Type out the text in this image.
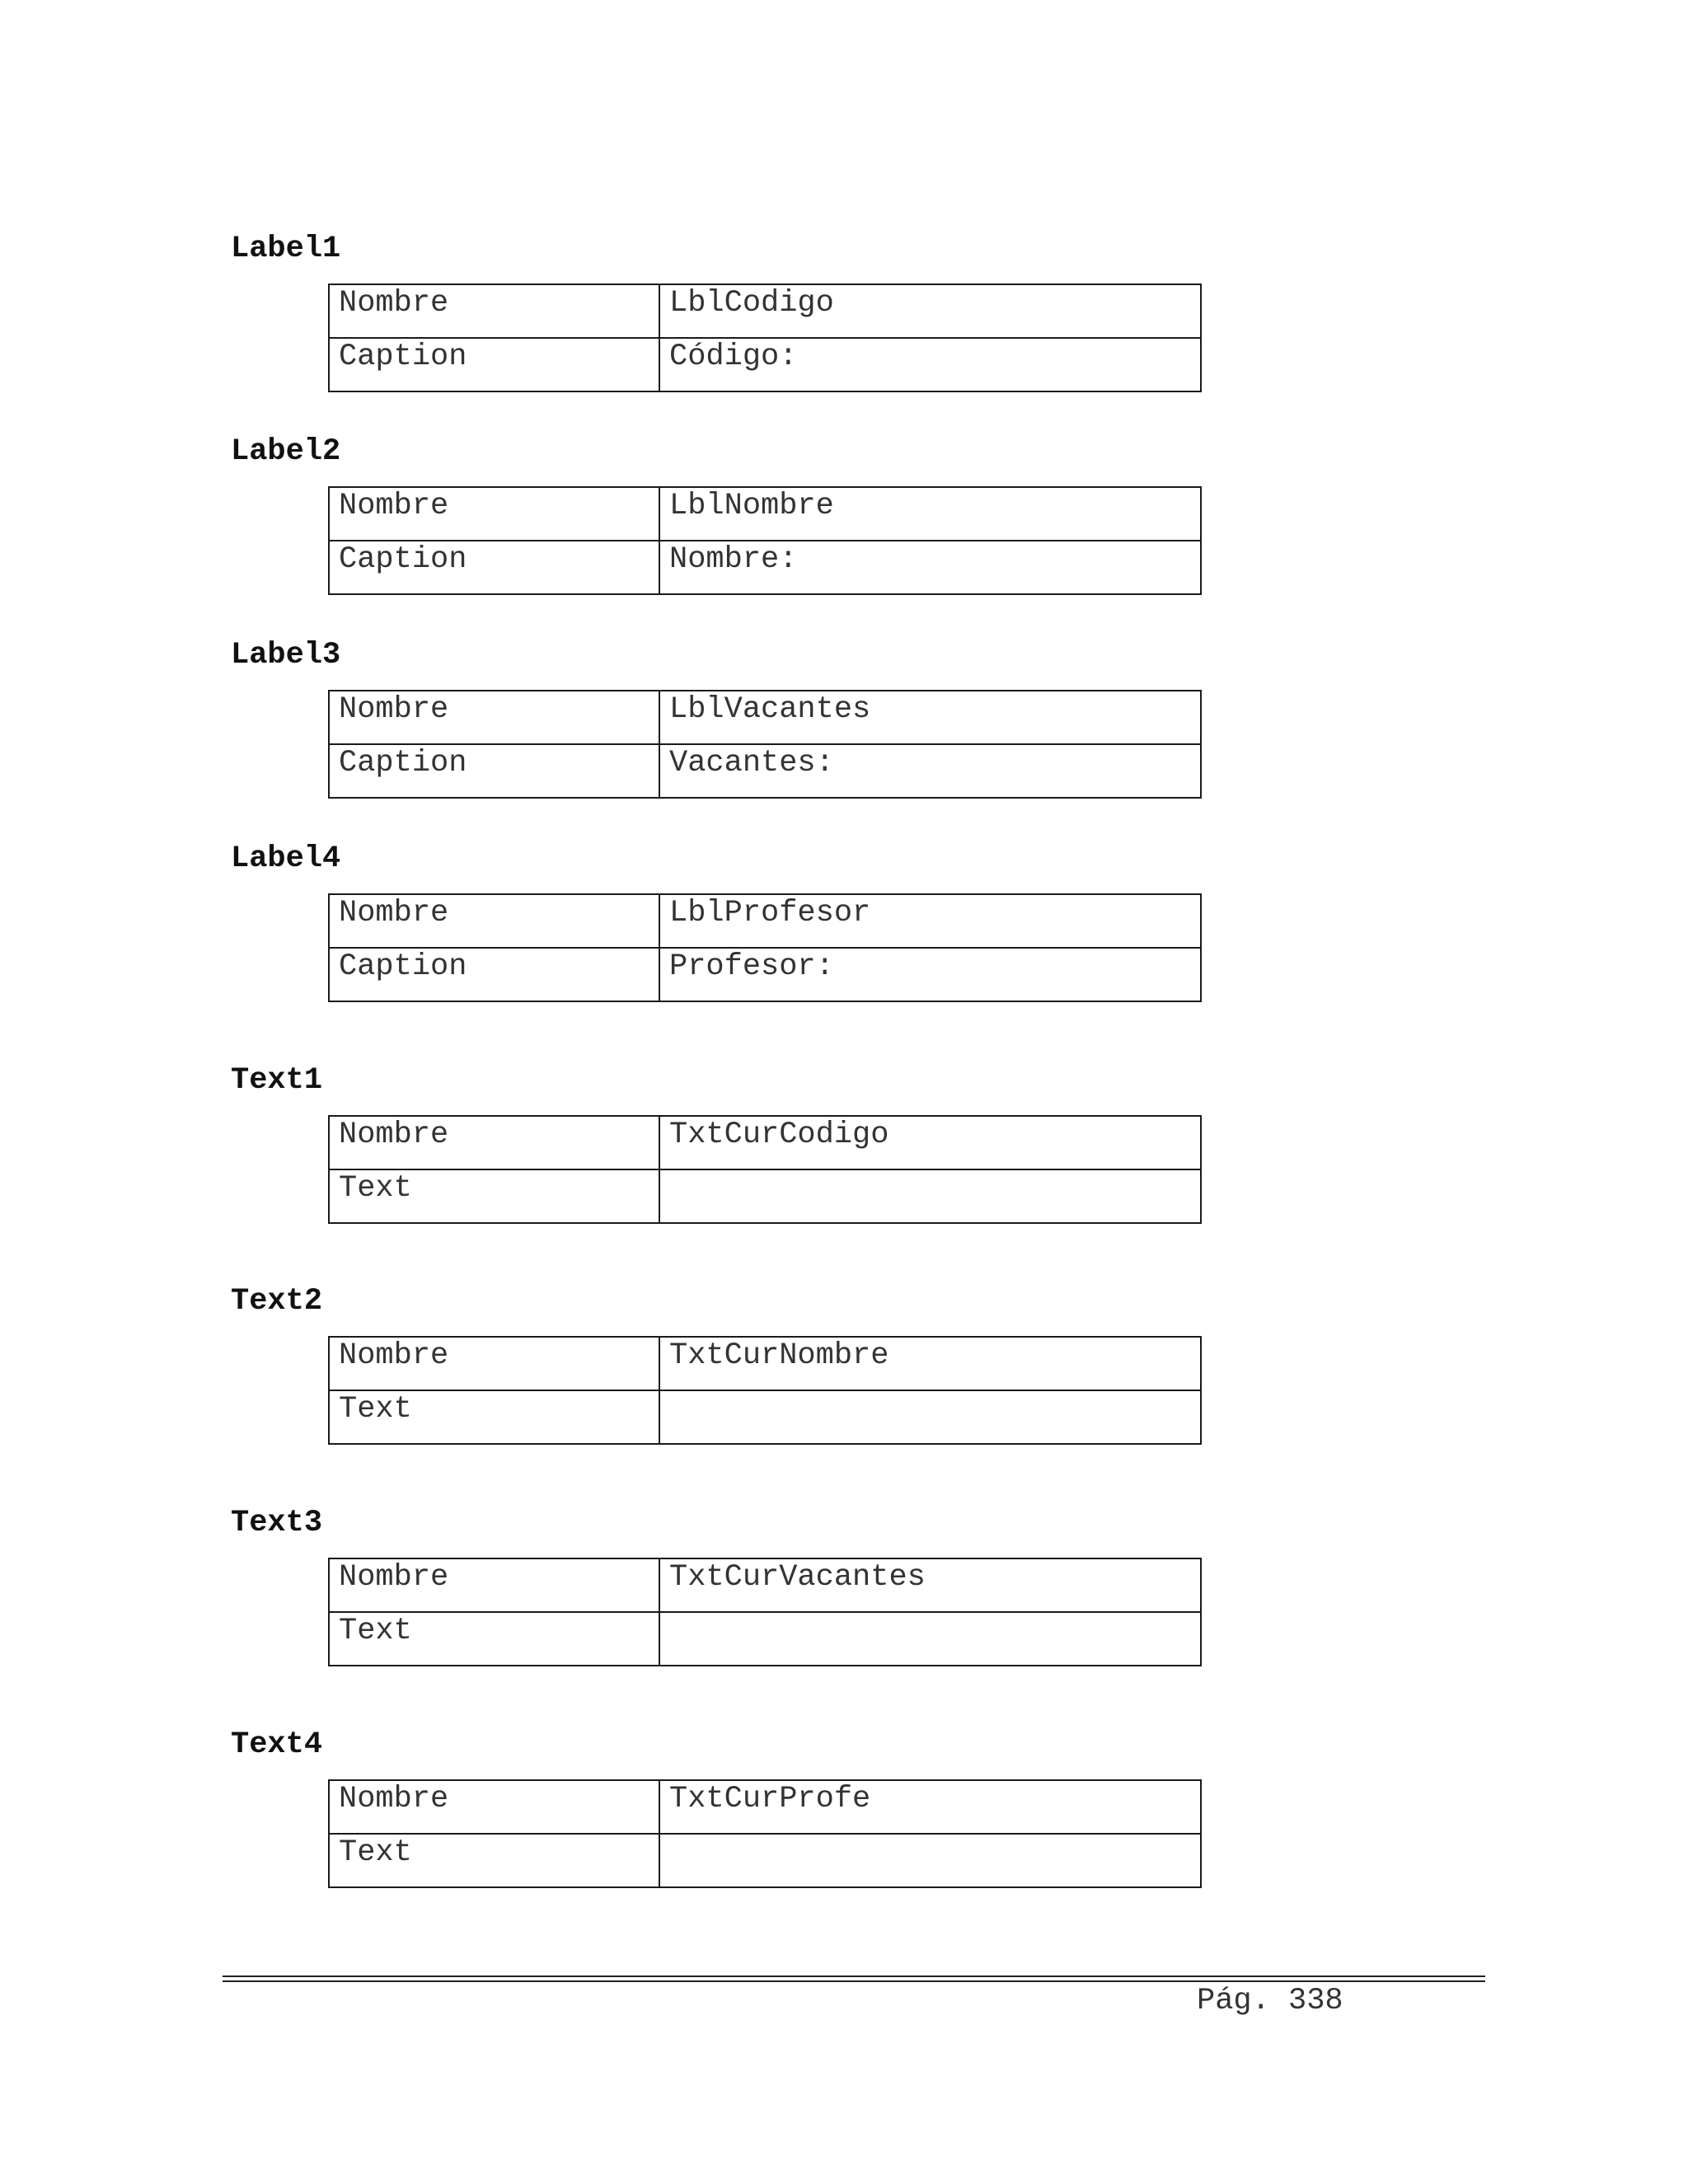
Label1
Nombre	LblCodigo
Caption	Código:
Label2
Nombre	LblNombre
Caption	Nombre:
Label3
Nombre	LblVacantes
Caption	Vacantes:
Label4
Nombre	LblProfesor
Caption	Profesor:
Text1
Nombre	TxtCurCodigo
Text	
Text2
Nombre	TxtCurNombre
Text	
Text3
Nombre	TxtCurVacantes
Text	
Text4
Nombre	TxtCurProfe
Text	
Pág. 338
